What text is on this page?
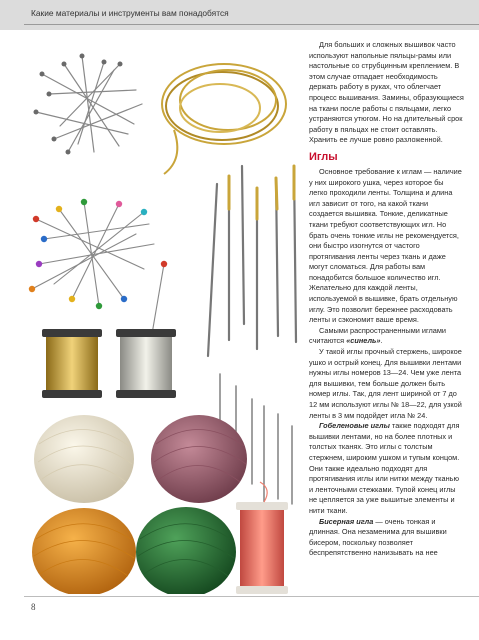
Какие материалы и инструменты вам понадобятся

Для больших и сложных вышивок часто используют напольные пяльцы-рамы или настольные со струбцинным креплением. В этом случае отпадает необходимость держать работу в руках, что облегчает процесс вышивания. Замины, образующиеся на ткани после работы с пяльцами, легко устраняются утюгом. Но на длительный срок работу в пяльцах не стоит оставлять. Хранить ее лучше ровно разложенной.

Иглы

Основное требование к иглам — наличие у них широкого ушка, через которое бы легко проходили ленты. Толщина и длина игл зависит от того, на какой ткани создается вышивка. Тонкие, деликатные ткани требуют соответствующих игл. Но брать очень тонкие иглы не рекомендуется, они быстро изогнутся от частого протягивания ленты через ткань и даже могут сломаться. Для работы вам понадобится большое количество игл. Желательно для каждой ленты, используемой в вышивке, брать отдельную иглу. Это позволит бережнее расходовать ленты и сэкономит ваше время.

Самыми распространенными иглами считаются «синель».

У такой иглы прочный стержень, широкое ушко и острый конец. Для вышивки лентами нужны иглы номеров 13—24. Чем уже лента для вышивки, тем больше должен быть номер иглы. Так, для лент шириной от 7 до 12 мм используют иглы № 18—22, для узкой ленты в 3 мм подойдет игла № 24.

Гобеленовые иглы также подходят для вышивки лентами, но на более плотных и толстых тканях. Это иглы с толстым стержнем, широким ушком и тупым концом. Они также идеально подходят для протягивания иглы или нитки между тканью и ленточными стежками. Тупой конец иглы не цепляется за уже вышитые элементы и нити ткани.

Бисерная игла — очень тонкая и длинная. Она незаменима для вышивки бисером, поскольку позволяет беспрепятственно нанизывать на нее

8
